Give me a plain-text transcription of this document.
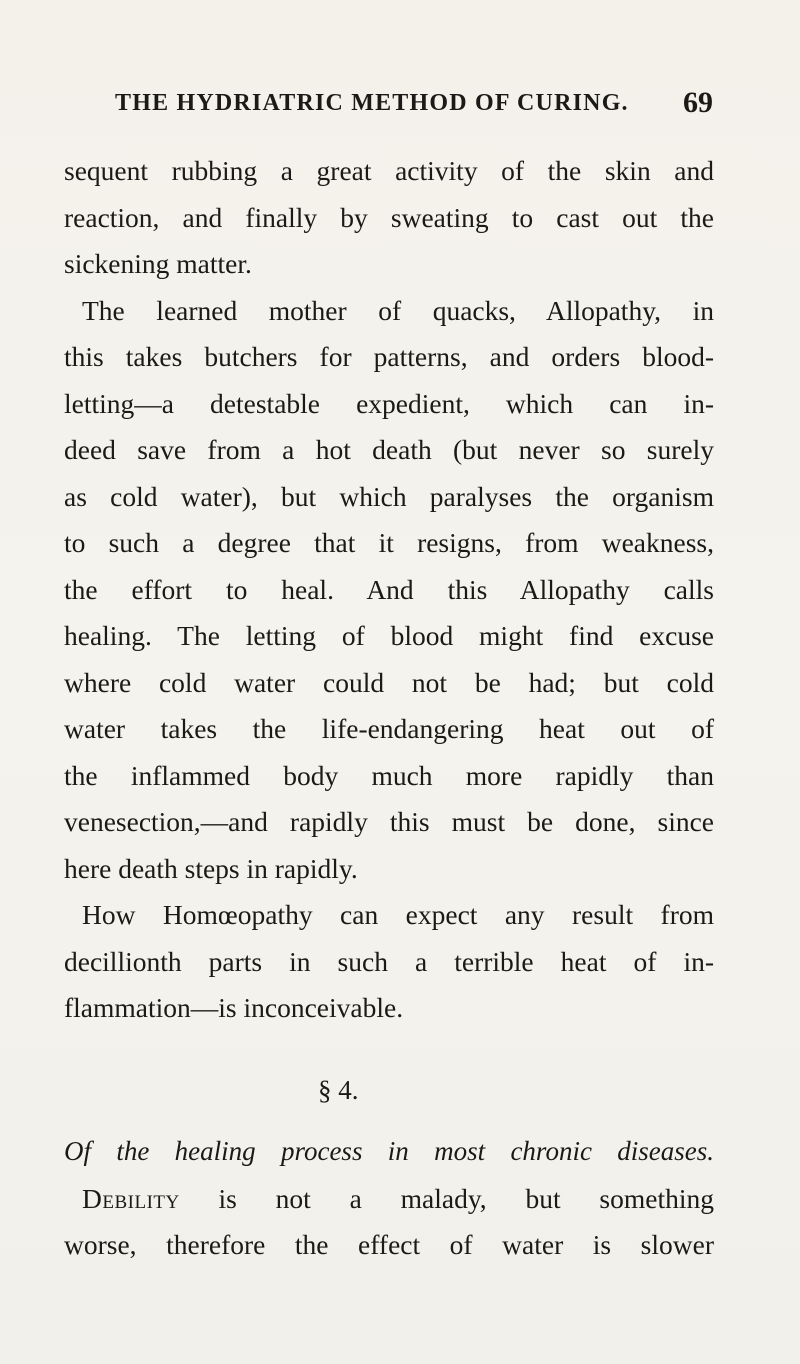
THE HYDRIATRIC METHOD OF CURING. 69
sequent rubbing a great activity of the skin and
reaction, and finally by sweating to cast out the
sickening matter.
The learned mother of quacks, Allopathy, in
this takes butchers for patterns, and orders blood-
letting—a detestable expedient, which can in-
deed save from a hot death (but never so surely
as cold water), but which paralyses the organism
to such a degree that it resigns, from weakness,
the effort to heal. And this Allopathy calls
healing. The letting of blood might find excuse
where cold water could not be had; but cold
water takes the life-endangering heat out of
the inflammed body much more rapidly than
venesection,—and rapidly this must be done, since
here death steps in rapidly.
How Homœopathy can expect any result from
decillionth parts in such a terrible heat of in-
flammation—is inconceivable.
§ 4.
Of the healing process in most chronic diseases.
Debility is not a malady, but something
worse, therefore the effect of water is slower
